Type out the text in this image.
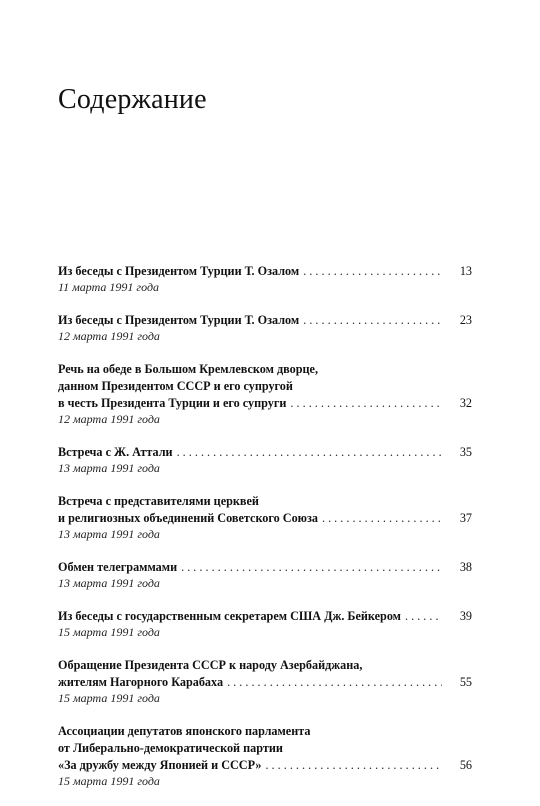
Содержание
Из беседы с Президентом Турции Т. Озалом . . .	13
11 марта 1991 года
Из беседы с Президентом Турции Т. Озалом . . .	23
12 марта 1991 года
Речь на обеде в Большом Кремлевском дворце,
данном Президентом СССР и его супругой
в честь Президента Турции и его супруги . . .	32
12 марта 1991 года
Встреча с Ж. Аттали . . .	35
13 марта 1991 года
Встреча с представителями церквей
и религиозных объединений Советского Союза . . .	37
13 марта 1991 года
Обмен телеграммами . . .	38
13 марта 1991 года
Из беседы с государственным секретарем США Дж. Бейкером . . .	39
15 марта 1991 года
Обращение Президента СССР к народу Азербайджана,
жителям Нагорного Карабаха . . .	55
15 марта 1991 года
Ассоциации депутатов японского парламента
от Либерально-демократической партии
«За дружбу между Японией и СССР» . . .	56
15 марта 1991 года
